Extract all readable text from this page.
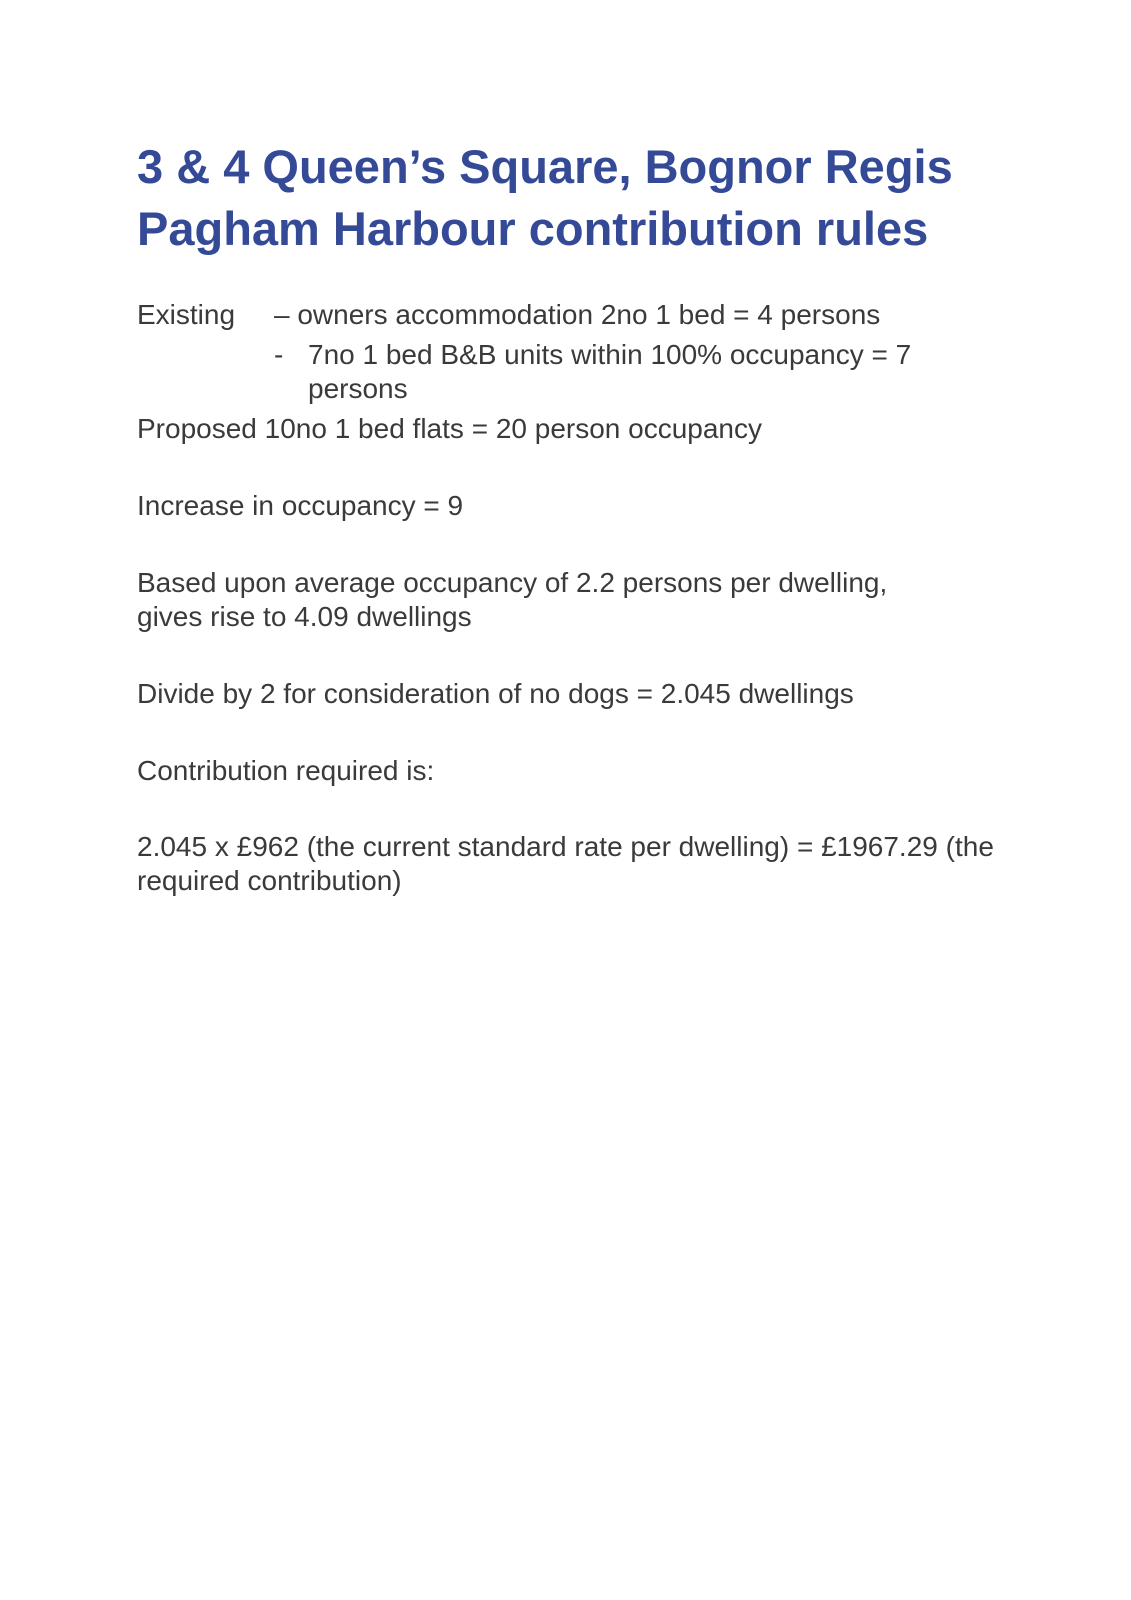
3 & 4 Queen’s Square, Bognor Regis
Pagham Harbour contribution rules
Existing – owners accommodation 2no 1 bed = 4 persons
- 7no 1 bed B&B units within 100% occupancy = 7 persons

Proposed 10no 1 bed flats = 20 person occupancy

Increase in occupancy = 9

Based upon average occupancy of 2.2 persons per dwelling, gives rise to 4.09 dwellings

Divide by 2 for consideration of no dogs = 2.045 dwellings

Contribution required is:

2.045 x £962 (the current standard rate per dwelling) = £1967.29 (the required contribution)
